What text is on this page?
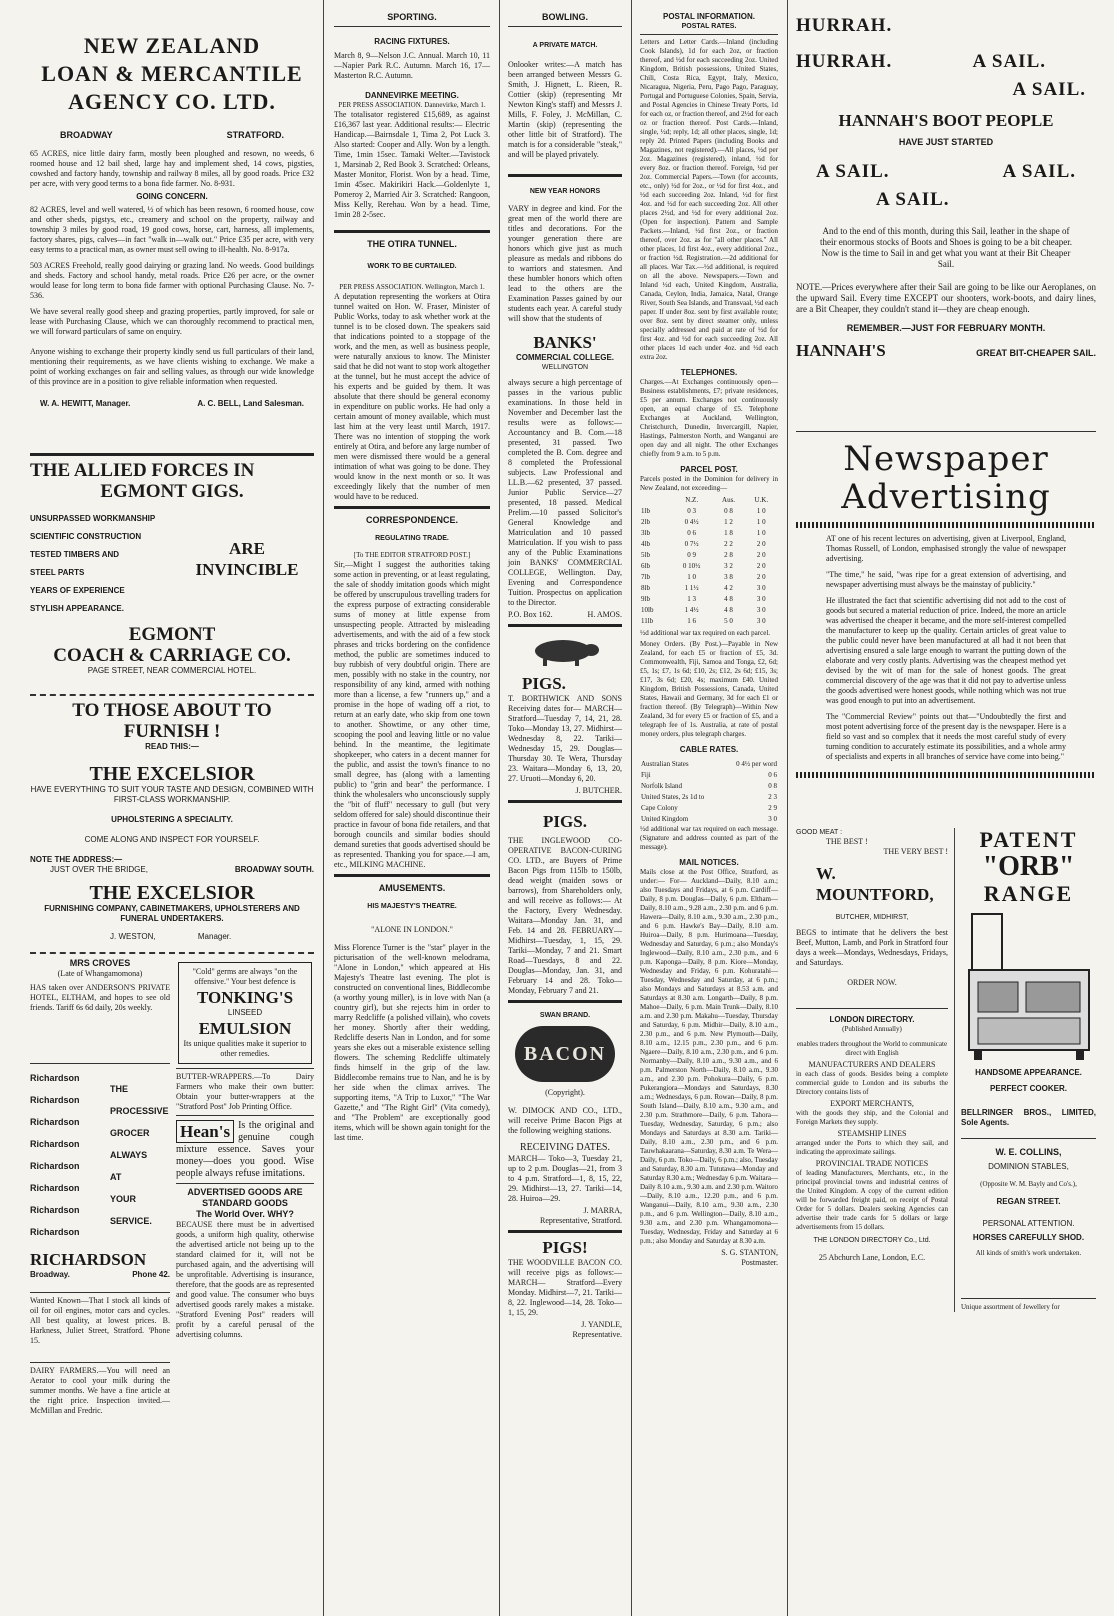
NEW ZEALAND
LOAN & MERCANTILE
AGENCY CO. LTD.
BROADWAY	STRATFORD.

65 ACRES, nice little dairy farm, mostly been ploughed and resown, no weeds, 6 roomed house and 12 bail shed, large hay and implement shed, 14 cows, pigsties, cowshed and factory handy, township and railway 8 miles, all by good roads. Price £32 per acre, with very good terms to a bona fide farmer. No. 8-931.

GOING CONCERN.

82 ACRES, level and well watered, ½ of which has been resown, 6 roomed house, cow and other sheds, pigstys, etc., creamery and school on the property, railway and township 3 miles by good road, 19 good cows, horse, cart, harness, all implements, factory shares, pigs, calves—in fact "walk in—walk out." Price £35 per acre, with very easy terms to a practical man, as owner must sell owing to ill-health. No. 8-917a.

503 ACRES Freehold, really good dairying or grazing land. No weeds. Good buildings and sheds. Factory and school handy, metal roads. Price £26 per acre, or the owner would lease for long term to bona fide farmer with optional Purchasing Clause. No. 7-536.

We have several really good sheep and grazing properties, partly improved, for sale or lease with Purchasing Clause, which we can thoroughly recommend to practical men, we will forward particulars of same on enquiry.

Anyone wishing to exchange their property kindly send us full particulars of their land, mentioning their requirements, as we have clients wishing to exchange. We make a point of working exchanges on fair and selling values, as through our wide knowledge of this province are in a position to give reliable information when requested.

W. A. HEWITT, Manager.	A. C. BELL, Land Salesman.
THE ALLIED FORCES IN
EGMONT GIGS.
UNSURPASSED WORKMANSHIP
SCIENTIFIC CONSTRUCTION
TESTED TIMBERS AND
STEEL PARTS
YEARS OF EXPERIENCE
STYLISH APPEARANCE.
ARE
INVINCIBLE
EGMONT
COACH & CARRIAGE CO.
PAGE STREET, NEAR COMMERCIAL HOTEL.
TO THOSE ABOUT TO
FURNISH !
READ THIS:—
THE EXCELSIOR
HAVE EVERYTHING TO SUIT YOUR TASTE AND DESIGN, COMBINED WITH FIRST-CLASS WORKMANSHIP.
UPHOLSTERING A SPECIALITY.
COME ALONG AND INSPECT FOR YOURSELF.
NOTE THE ADDRESS:—
JUST OVER THE BRIDGE,	BROADWAY SOUTH.
THE EXCELSIOR
FURNISHING COMPANY, CABINETMAKERS, UPHOLSTERERS AND FUNERAL UNDERTAKERS.
J. WESTON,	Manager.
MRS CROVES
(Late of Whangamomona)

HAS taken over ANDERSON'S PRIVATE HOTEL, ELTHAM, and hopes to see old friends. Tariff 6s 6d daily, 20s weekly.

Richardson
Richardson
Richardson
Richardson
Richardson
Richardson
Richardson
Richardson
THE
PROCESSIVE
GROCER
ALWAYS
AT
YOUR
SERVICE.
RICHARDSON
Broadway.	Phone 42.

Wanted Known—That I stock all kinds of oil for oil engines, motor cars and cycles. All best quality, at lowest prices. B. Harkness, Juliet Street, Stratford. 'Phone 15.

DAIRY FARMERS.—You will need an Aerator to cool your milk during the summer months. We have a fine article at the right price. Inspection invited.—McMillan and Fredric.

"Cold" germs are always "on the offensive." Your best defence is
TONKING'S
LINSEED
EMULSION
Its unique qualities make it superior to other remedies.

BUTTER-WRAPPERS.—To Dairy Farmers who make their own butter: Obtain your butter-wrappers at the "Stratford Post" Job Printing Office.

Hean's Is the original and genuine cough mixture essence. Saves your money—does you good. Wise people always refuse imitations.

ADVERTISED GOODS ARE STANDARD GOODS
The World Over. WHY?

BECAUSE there must be in advertised goods, a uniform high quality, otherwise the advertised article not being up to the standard claimed for it, will not be purchased again, and the advertising will be unprofitable. Advertising is insurance, therefore, that the goods are as represented and good value. The consumer who buys advertised goods rarely makes a mistake. "Stratford Evening Post" readers will profit by a careful perusal of the advertising columns.

SPORTING.
RACING FIXTURES.

March 8, 9—Nelson J.C. Annual. March 10, 11—Napier Park R.C. Autumn. March 16, 17—Masterton R.C. Autumn.

DANNEVIRKE MEETING.
PER PRESS ASSOCIATION. Dannevirke, March 1.

The totalisator registered £15,689, as against £16,367 last year. Additional results:— Electric Handicap.—Bairnsdale 1, Tima 2, Pot Luck 3. Also started: Cooper and Ally. Won by a length. Time, 1min 15sec. Tamaki Welter.—Tavistock 1, Marsinab 2, Red Book 3. Scratched: Orleans, Master Monitor, Florist. Won by a head. Time, 1min 45sec. Makirikiri Hack.—Goldenlyte 1, Pomeroy 2, Married Air 3. Scratched: Rangoon, Miss Kelly, Rerehau. Won by a head. Time, 1min 28 2-5sec.

THE OTIRA TUNNEL.
WORK TO BE CURTAILED.
PER PRESS ASSOCIATION. Wellington, March 1.

A deputation representing the workers at Otira tunnel waited on Hon. W. Fraser, Minister of Public Works, today to ask whether work at the tunnel is to be closed down. The speakers said that indications pointed to a stoppage of the work, and the men, as well as business people, were naturally anxious to know. The Minister said that he did not want to stop work altogether at the tunnel, but he must accept the advice of his experts and be guided by them. It was absolute that there should be general economy in expenditure on public works. He had only a certain amount of money available, which must last him at the very least until March, 1917. There was no intention of stopping the work entirely at Otira, and before any large number of men were dismissed there would be a general intimation of what was going to be done. They would know in the next month or so. It was exceedingly likely that the number of men would have to be reduced.

CORRESPONDENCE.
REGULATING TRADE.
[To THE EDITOR STRATFORD POST.]

Sir,—Might I suggest the authorities taking some action in preventing, or at least regulating, the sale of shoddy imitation goods which might be offered by unscrupulous travelling traders for the express purpose of extracting considerable sums of money at little expense from unsuspecting people. Attracted by misleading advertisements, and with the aid of a few stock phrases and tricks bordering on the confidence method, the public are sometimes induced to buy rubbish of very doubtful origin. There are men, possibly with no stake in the country, nor responsibility of any kind, armed with nothing more than a license, a few "runners up," and a promise in the hope of wading off a riot, to return at an early date, who skip from one town to another. Showtime, or any other time, scooping the pool and leaving little or no value behind. In the meantime, the legitimate shopkeeper, who caters in a decent manner for the public, and assist the town's finance to no small degree, has (along with a lamenting public) to "grin and bear" the performance. I think the wholesalers who unconsciously supply the "bit of fluff" necessary to gull (but very seldom offered for sale) should discontinue their practice in favour of bona fide retailers, and that borough councils and similar bodies should demand sureties that goods advertised should be as represented. Thanking you for space.—I am, etc., MILKING MACHINE.

AMUSEMENTS.
HIS MAJESTY'S THEATRE.
"ALONE IN LONDON."

Miss Florence Turner is the "star" player in the picturisation of the well-known melodrama, "Alone in London," which appeared at His Majesty's Theatre last evening. The plot is constructed on conventional lines, Biddlecombe (a worthy young miller), is in love with Nan (a country girl), but she rejects him in order to marry Redcliffe (a polished villain), who covets her money. Shortly after their wedding, Redcliffe deserts Nan in London, and for some years she ekes out a miserable existence selling flowers. The scheming Redcliffe ultimately finds himself in the grip of the law. Biddlecombe remains true to Nan, and he is by her side when the climax arrives. The supporting items, "A Trip to Luxor," "The War Gazette," and "The Right Girl" (Vita comedy), and "The Problem" are exceptionally good items, which will be shown again tonight for the last time.

BOWLING.
A PRIVATE MATCH.

Onlooker writes:—A match has been arranged between Messrs G. Smith, J. Hignett, L. Rieen, R. Cottier (skip) (representing Mr Newton King's staff) and Messrs J. Mills, F. Foley, J. McMillan, C. Martin (skip) (representing the other little bit of Stratford). The match is for a considerable "steak," and will be played privately.

NEW YEAR HONORS

VARY in degree and kind. For the great men of the world there are titles and decorations. For the younger generation there are honors which give just as much pleasure as medals and ribbons do to warriors and statesmen. And these humbler honors which often lead to the others are the Examination Passes gained by our students each year. A careful study will show that the students of

BANKS'
COMMERCIAL COLLEGE.
WELLINGTON

always secure a high percentage of passes in the various public examinations. In those held in November and December last the results were as follows:— Accountancy and B. Com.—18 presented, 31 passed. Two completed the B. Com. degree and 8 completed the Professional subjects. Law Professional and LL.B.—62 presented, 37 passed. Junior Public Service—27 presented, 18 passed. Medical Prelim.—10 passed Solicitor's General Knowledge and Matriculation and 10 passed Matriculation. If you wish to pass any of the Public Examinations join BANKS' COMMERCIAL COLLEGE, Wellington. Day, Evening and Correspondence Tuition. Prospectus on application to the Director.

P.O. Box 162.	H. AMOS.
PIGS.

T. BORTHWICK AND SONS Receiving dates for— MARCH— Stratford—Tuesday 7, 14, 21, 28. Toko—Monday 13, 27. Midhirst—Wednesday 8, 22. Tariki—Wednesday 15, 29. Douglas—Thursday 30. Te Wera, Thursday 23. Waitara—Monday 6, 13, 20, 27. Uruoti—Monday 6, 20.

J. BUTCHER.
PIGS.

THE INGLEWOOD CO-OPERATIVE BACON-CURING CO. LTD., are Buyers of Prime Bacon Pigs from 115lb to 150lb, dead weight (maiden sows or barrows), from Shareholders only, and will receive as follows:— At the Factory, Every Wednesday. Waitara—Monday Jan. 31, and Feb. 14 and 28. FEBRUARY— Midhirst—Tuesday, 1, 15, 29. Tariki—Monday, 7 and 21. Smart Road—Tuesdays, 8 and 22. Douglas—Monday, Jan. 31, and February 14 and 28. Toko—Monday, February 7 and 21.

SWAN BRAND.
BACON
(Copyright).

W. DIMOCK AND CO., LTD., will receive Prime Bacon Pigs at the following weighing stations.

RECEIVING DATES.

MARCH— Toko—3, Tuesday 21, up to 2 p.m. Douglas—21, from 3 to 4 p.m. Stratford—1, 8, 15, 22, 29. Midhirst—13, 27. Tariki—14, 28. Huiroa—29.

J. MARRA,
Representative, Stratford.
PIGS!

THE WOODVILLE BACON CO. will receive pigs as follows:— MARCH— Stratford—Every Monday. Midhirst—7, 21. Tariki—8, 22. Inglewood—14, 28. Toko—1, 15, 29.

J. YANDLE,
Representative.
POSTAL INFORMATION.
POSTAL RATES.

Letters and Letter Cards.—Inland (including Cook Islands), 1d for each 2oz, or fraction thereof, and ½d for each succeeding 2oz. United Kingdom, British possessions, United States, Chili, Costa Rica, Egypt, Italy, Mexico, Nicaragua, Nigeria, Peru, Pago Pago, Paraguay, Portugal and Portuguese Colonies, Spain, Servia, and Postal Agencies in Chinese Treaty Ports, 1d for each oz, or fraction thereof, and 2½d for each oz or fraction thereof. Post Cards.—Inland, single, ½d; reply, 1d; all other places, single, 1d; reply 2d. Printed Papers (including Books and Magazines, not registered).—All places, ½d per 2oz. Magazines (registered), inland, ½d for every 8oz. or fraction thereof. Foreign, ½d per 2oz. Commercial Papers.—Town (for accounts, etc., only) ½d for 2oz., or ½d for first 4oz., and ½d each succeeding 2oz. Inland, ½d for first 4oz. and ½d for each succeeding 2oz. All other places 2½d, and ½d for every additional 2oz. (Open for inspection). Pattern and Sample Packets.—Inland, ½d first 2oz., or fraction thereof, over 2oz. as for "all other places." All other places, 1d first 4oz., every additional 2oz., or fraction ½d. Registration.—2d additional for all places. War Tax.—½d additional, is required on all the above. Newspapers.—Town and Inland ½d each, United Kingdom, Australia, Canada, Ceylon, India, Jamaica, Natal, Orange River, South Sea Islands, and Transvaal, ½d each paper. If under 8oz. sent by first available route; over 8oz. sent by direct steamer only, unless specially addressed and paid at rate of ½d for first 4oz. and ½d for each succeeding 2oz. All other places 1d each under 4oz. and ½d each extra 2oz.

TELEPHONES.

Charges.—At Exchanges continuously open—Business establishments, £7; private residences, £5 per annum. Exchanges not continuously open, an equal charge of £5. Telephone Exchanges at Auckland, Wellington, Christchurch, Dunedin, Invercargill, Napier, Hastings, Palmerston North, and Wanganui are open day and all night. The other Exchanges chiefly from 9 a.m. to 5 p.m.

PARCEL POST.

Parcels posted in the Dominion for delivery in New Zealand, not exceeding—

	N.Z.	Aus.	U.K.
1lb	0 3	0 8	1 0
2lb	0 4½	1 2	1 0
3lb	0 6	1 8	1 0
4lb	0 7½	2 2	2 0
5lb	0 9	2 8	2 0
6lb	0 10½	3 2	2 0
7lb	1 0	3 8	2 0
8lb	1 1½	4 2	3 0
9lb	1 3	4 8	3 0
10lb	1 4½	4 8	3 0
11lb	1 6	5 0	3 0

½d additional war tax required on each parcel.

Money Orders. (By Post.)—Payable in New Zealand, for each £5 or fraction of £5, 3d. Commonwealth, Fiji, Samoa and Tonga, £2, 6d; £5, 1s; £7, 1s 6d; £10, 2s; £12, 2s 6d; £15, 3s; £17, 3s 6d; £20, 4s; maximum £40. United Kingdom, British Possessions, Canada, United States, Hawaii and Germany, 3d for each £1 or fraction thereof. (By Telegraph)—Within New Zealand, 3d for every £5 or fraction of £5, and a telegraph fee of 1s. Australia, at rate of postal money orders, plus telegraph charges.

CABLE RATES.
Australian States	0 4½ per word
Fiji	0 6
Norfolk Island	0 8
United States, 2s 1d to	2 3
Cape Colony	2 9
United Kingdom	3 0

½d additional war tax required on each message. (Signature and address counted as part of the message).

MAIL NOTICES.

Mails close at the Post Office, Stratford, as under:— For— Auckland—Daily, 8.10 a.m.; also Tuesdays and Fridays, at 6 p.m. Cardiff—Daily, 8 p.m. Douglas—Daily, 6 p.m. Eltham—Daily, 8.10 a.m., 9.28 a.m., 2.30 p.m. and 6 p.m. Hawera—Daily, 8.10 a.m., 9.30 a.m., 2.30 p.m., and 6 p.m. Hawke's Bay—Daily, 8.10 a.m. Huiroa—Daily, 8 p.m. Hurimoana—Tuesday, Wednesday and Saturday, 6 p.m.; also Monday's Inglewood—Daily, 8.10 a.m., 2.30 p.m., and 6 p.m. Kaponga—Daily, 8 p.m. Kiore—Monday, Wednesday and Friday, 6 p.m. Kohuratahi—Tuesday, Wednesday and Saturday, at 6 p.m.; also Mondays and Saturdays at 8.53 a.m. and Saturdays at 8.30 a.m. Longarth—Daily, 8 p.m. Mahoe—Daily, 6 p.m. Main Trunk—Daily, 8.10 a.m. and 2.30 p.m. Makahu—Tuesday, Thursday and Saturday, 6 p.m. Midhir—Daily, 8.10 a.m., 2.30 p.m., and 6 p.m. New Plymouth—Daily, 8.10 a.m., 12.15 p.m., 2.30 p.m., and 6 p.m. Ngaere—Daily, 8.10 a.m., 2.30 p.m., and 6 p.m. Normanby—Daily, 8.10 a.m., 9.30 a.m., and 6 p.m. Palmerston North—Daily, 8.10 a.m., 9.30 a.m., and 2.30 p.m. Pohokura—Daily, 6 p.m. Pukerangiora—Mondays and Saturdays, 8.30 a.m.; Wednesdays, 6 p.m. Rowan—Daily, 8 p.m. South Island—Daily, 8.10 a.m., 9.30 a.m., and 2.30 p.m. Strathmore—Daily, 6 p.m. Tahora—Tuesday, Wednesday, Saturday, 6 p.m.; also Mondays and Saturdays at 8.30 a.m. Tariki—Daily, 8.10 a.m., 2.30 p.m., and 6 p.m. Tauwhakaarana—Saturday, 8.30 a.m. Te Wera—Daily, 6 p.m. Toko—Daily, 6 p.m.; also, Tuesday and Saturday, 8.30 a.m. Tututawa—Monday and Saturday 8.30 a.m.; Wednesday 6 p.m. Waitara—Daily 8.10 a.m., 9.30 a.m. and 2.30 p.m. Waitoro—Daily, 8.10 a.m., 12.20 p.m., and 6 p.m. Wanganui—Daily, 8.10 a.m., 9.30 a.m., 2.30 p.m., and 6 p.m. Wellington—Daily, 8.10 a.m., 9.30 a.m., and 2.30 p.m. Whangamomona—Tuesday, Wednesday, Friday and Saturday at 6 p.m.; also Monday and Saturday at 8.30 a.m.

S. G. STANTON,
Postmaster.
HURRAH.
HURRAH.	A SAIL.
A SAIL.
HANNAH'S BOOT PEOPLE
HAVE JUST STARTED
A SAIL.	A SAIL.
A SAIL.

And to the end of this month, during this Sail, leather in the shape of their enormous stocks of Boots and Shoes is going to be a bit cheaper. Now is the time to Sail in and get what you want at their Bit Cheaper Sail.

NOTE.—Prices everywhere after their Sail are going to be like our Aeroplanes, on the upward Sail. Every time EXCEPT our shooters, work-boots, and dairy lines, are a Bit Cheaper, they couldn't stand it—they are cheap enough.

REMEMBER.—JUST FOR FEBRUARY MONTH.
HANNAH'S	GREAT BIT-CHEAPER SAIL.
Newspaper
Advertising

AT one of his recent lectures on advertising, given at Liverpool, England, Thomas Russell, of London, emphasised strongly the value of newspaper advertising.

"The time," he said, "was ripe for a great extension of advertising, and newspaper advertising must always be the mainstay of publicity."

He illustrated the fact that scientific advertising did not add to the cost of goods but secured a material reduction of price. Indeed, the more an article was advertised the cheaper it became, and the more self-interest compelled the manufacturer to keep up the quality. Certain articles of great value to the public could never have been manufactured at all had it not been that advertising ensured a sale large enough to warrant the putting down of the elaborate and very costly plants. Advertising was the cheapest method yet devised by the wit of man for the sale of honest goods. The great commercial discovery of the age was that it did not pay to advertise unless the goods advertised were honest goods, while nothing which was not true was good enough to put into an advertisement.

The "Commercial Review" points out that—"Undoubtedly the first and most potent advertising force of the present day is the newspaper. Here is a field so vast and so complex that it needs the most careful study of every turning condition to accurately estimate its possibilities, and a whole army of specialists and experts in all branches of service have come into being."

GOOD MEAT :
THE BEST !
THE VERY BEST !
W. MOUNTFORD,
BUTCHER, MIDHIRST,

BEGS to intimate that he delivers the best Beef, Mutton, Lamb, and Pork in Stratford four days a week—Mondays, Wednesdays, Fridays, and Saturdays.

ORDER NOW.
LONDON DIRECTORY.
(Published Annually)

enables traders throughout the World to communicate direct with English

MANUFACTURERS AND DEALERS

in each class of goods. Besides being a complete commercial guide to London and its suburbs the Directory contains lists of

EXPORT MERCHANTS,

with the goods they ship, and the Colonial and Foreign Markets they supply.

STEAMSHIP LINES

arranged under the Ports to which they sail, and indicating the approximate sailings.

PROVINCIAL TRADE NOTICES

of leading Manufacturers, Merchants, etc., in the principal provincial towns and industrial centres of the United Kingdom. A copy of the current edition will be forwarded freight paid, on receipt of Postal Order for 5 dollars. Dealers seeking Agencies can advertise their trade cards for 5 dollars or large advertisements from 15 dollars.

THE LONDON DIRECTORY Co., Ltd.
25 Abchurch Lane, London, E.C.
PATENT
"ORB"
RANGE
HANDSOME APPEARANCE.
PERFECT COOKER.

BELLRINGER BROS., LIMITED, Sole Agents.

W. E. COLLINS,
DOMINION STABLES,
(Opposite W. M. Bayly and Co's.),
REGAN STREET.
PERSONAL ATTENTION.
HORSES CAREFULLY SHOD.
All kinds of smith's work undertaken.
Unique assortment of Jewellery for
